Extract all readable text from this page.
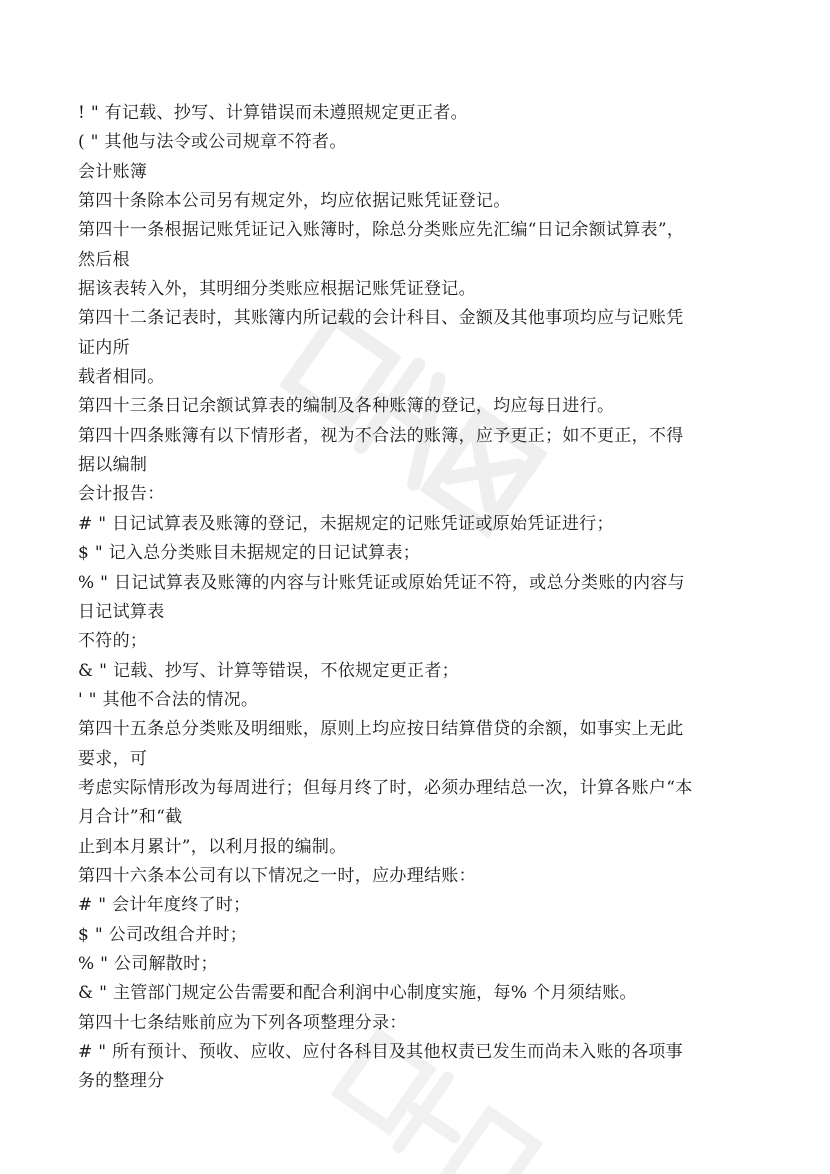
! " 有记载、抄写、计算错误而未遵照规定更正者。
( " 其他与法令或公司规章不符者。
会计账簿
第四十条除本公司另有规定外，均应依据记账凭证登记。
第四十一条根据记账凭证记入账簿时，除总分类账应先汇编“日记余额试算表”，
然后根
据该表转入外，其明细分类账应根据记账凭证登记。
第四十二条记表时，其账簿内所记载的会计科目、金额及其他事项均应与记账凭
证内所
载者相同。
第四十三条日记余额试算表的编制及各种账簿的登记，均应每日进行。
第四十四条账簿有以下情形者，视为不合法的账簿，应予更正；如不更正，不得
据以编制
会计报告：
# " 日记试算表及账簿的登记，未据规定的记账凭证或原始凭证进行；
$ " 记入总分类账目未据规定的日记试算表；
% " 日记试算表及账簿的内容与计账凭证或原始凭证不符，或总分类账的内容与
日记试算表
不符的；
& " 记载、抄写、计算等错误，不依规定更正者；
' " 其他不合法的情况。
第四十五条总分类账及明细账，原则上均应按日结算借贷的余额，如事实上无此
要求，可
考虑实际情形改为每周进行；但每月终了时，必须办理结总一次，计算各账户“本
月合计”和“截
止到本月累计”，以利月报的编制。
第四十六条本公司有以下情况之一时，应办理结账：
# " 会计年度终了时；
$ " 公司改组合并时；
% " 公司解散时；
& " 主管部门规定公告需要和配合利润中心制度实施，每% 个月须结账。
第四十七条结账前应为下列各项整理分录：
# " 所有预计、预收、应收、应付各科目及其他权责已发生而尚未入账的各项事
务的整理分
